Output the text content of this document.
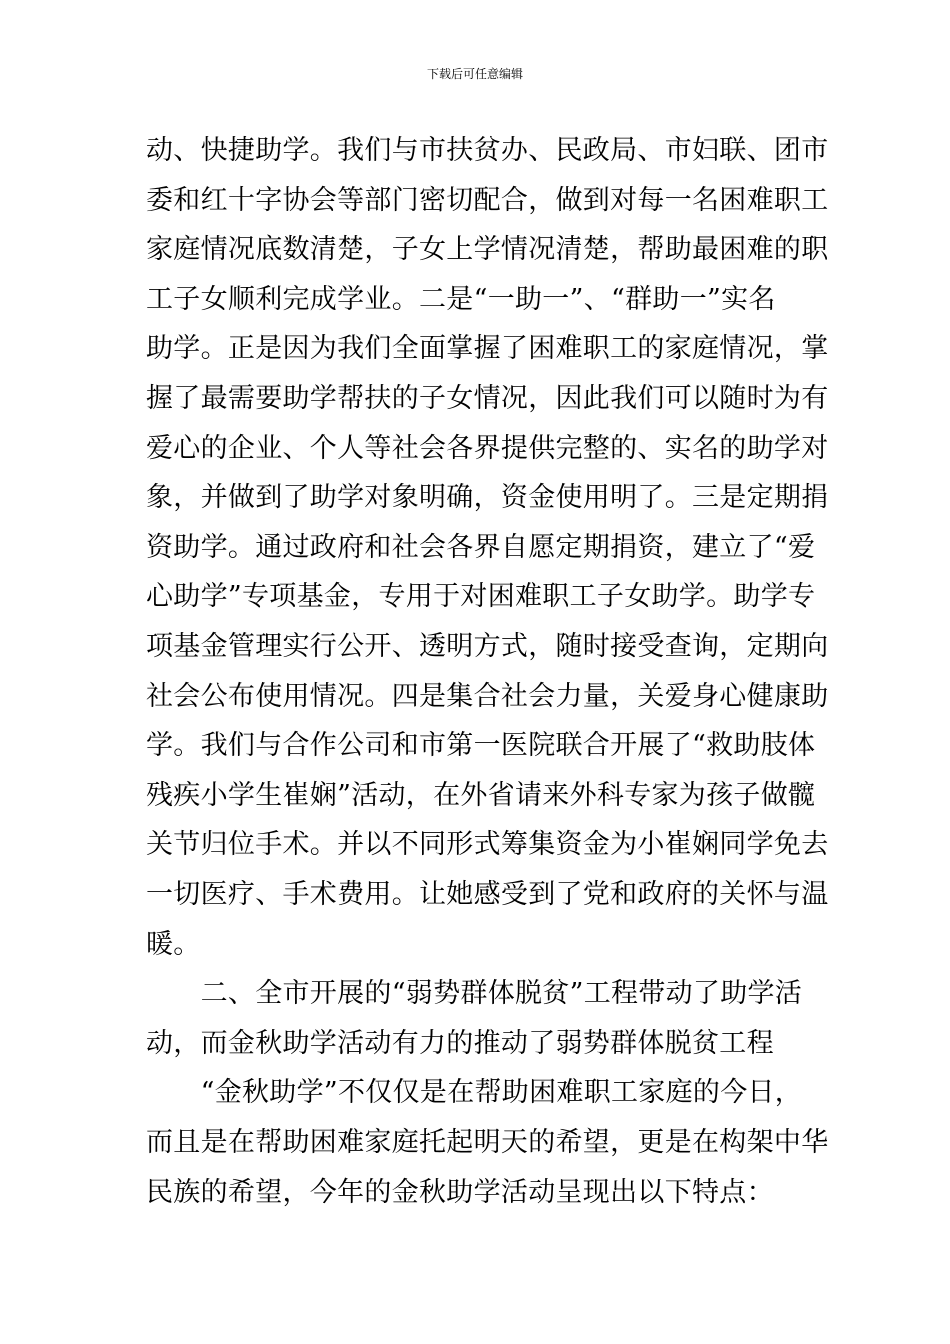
下载后可任意编辑
动、快捷助学。我们与市扶贫办、民政局、市妇联、团市
委和红十字协会等部门密切配合，做到对每一名困难职工
家庭情况底数清楚，子女上学情况清楚，帮助最困难的职
工子女顺利完成学业。二是“一助一”、“群助一”实名
助学。正是因为我们全面掌握了困难职工的家庭情况，掌
握了最需要助学帮扶的子女情况，因此我们可以随时为有
爱心的企业、个人等社会各界提供完整的、实名的助学对
象，并做到了助学对象明确，资金使用明了。三是定期捐
资助学。通过政府和社会各界自愿定期捐资，建立了“爱
心助学”专项基金，专用于对困难职工子女助学。助学专
项基金管理实行公开、透明方式，随时接受查询，定期向
社会公布使用情况。四是集合社会力量，关爱身心健康助
学。我们与合作公司和市第一医院联合开展了“救助肢体
残疾小学生崔娴”活动，在外省请来外科专家为孩子做髋
关节归位手术。并以不同形式筹集资金为小崔娴同学免去
一切医疗、手术费用。让她感受到了党和政府的关怀与温
暖。
　　二、全市开展的“弱势群体脱贫”工程带动了助学活
动，而金秋助学活动有力的推动了弱势群体脱贫工程
　　“金秋助学”不仅仅是在帮助困难职工家庭的今日，
而且是在帮助困难家庭托起明天的希望，更是在构架中华
民族的希望，今年的金秋助学活动呈现出以下特点：
